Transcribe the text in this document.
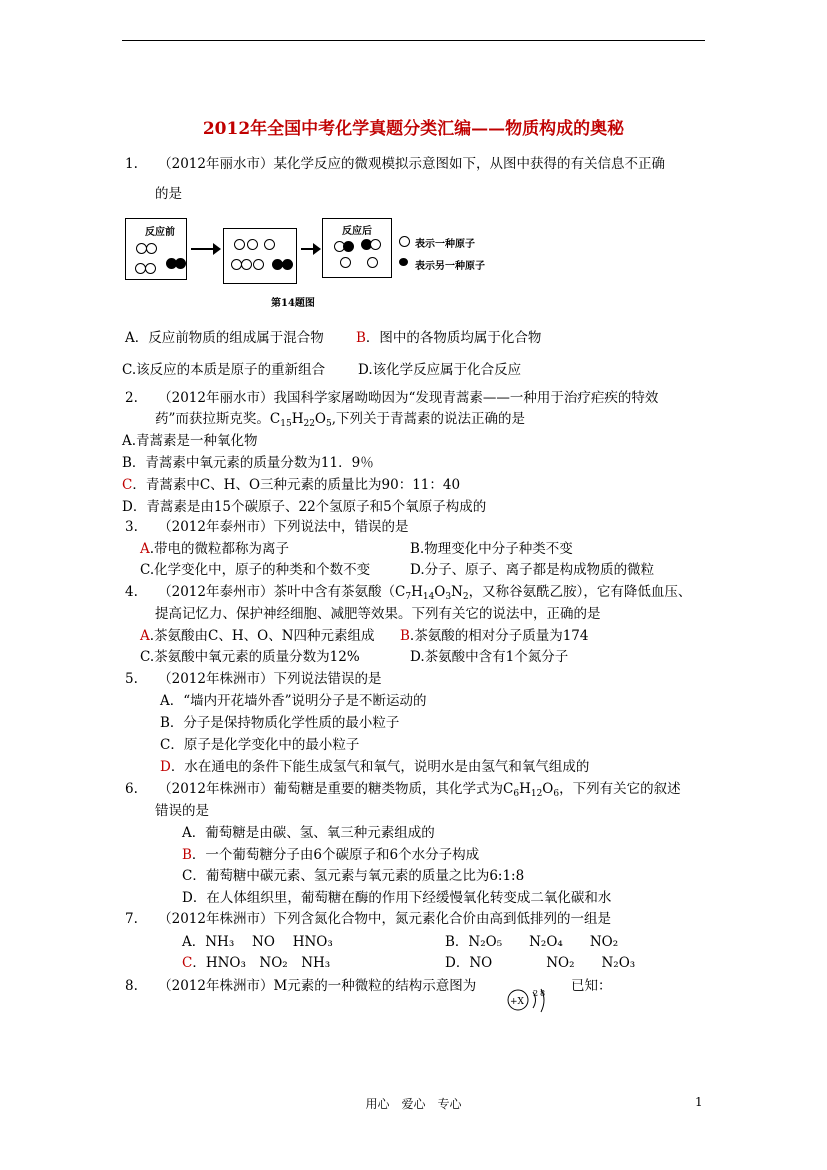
2012年全国中考化学真题分类汇编——物质构成的奥秘
1.　　（2012年丽水市）某化学反应的微观模拟示意图如下，从图中获得的有关信息不正确
的是
反应前	反应后
表示一种原子
表示另一种原子
第14题图
A．反应前物质的组成属于混合物 B．图中的各物质均属于化合物
C.该反应的本质是原子的重新组合 D.该化学反应属于化合反应
2.　　（2012年丽水市）我国科学家屠呦呦因为“发现青蒿素——一种用于治疗疟疾的特效
药”而获拉斯克奖。$C_{15}H_{22}O_5$,下列关于青蒿素的说法正确的是
A.青蒿素是一种氧化物
B．青蒿素中氧元素的质量分数为11．9％
C．青蒿素中C、H、O三种元素的质量比为90：11：40
D．青蒿素是由15个碳原子、22个氢原子和5个氧原子构成的
3.　　（2012年泰州市）下列说法中，错误的是
A.带电的微粒都称为离子	B.物理变化中分子种类不变
C.化学变化中，原子的种类和个数不变	D.分子、原子、离子都是构成物质的微粒
4.　　（2012年泰州市）茶叶中含有茶氨酸（$C_7H_{14}O_3N_2$，又称谷氨酰乙胺），它有降低血压、
提高记忆力、保护神经细胞、减肥等效果。下列有关它的说法中，正确的是
A.茶氨酸由C、H、O、N四种元素组成 B.茶氨酸的相对分子质量为174
C.茶氨酸中氧元素的质量分数为12%	D.茶氨酸中含有1个氮分子
5.　　（2012年株洲市）下列说法错误的是
A．“墙内开花墙外香”说明分子是不断运动的
B．分子是保持物质化学性质的最小粒子
C．原子是化学变化中的最小粒子
D．水在通电的条件下能生成氢气和氧气，说明水是由氢气和氧气组成的
6.　　（2012年株洲市）葡萄糖是重要的糖类物质，其化学式为$C_6H_{12}O_6$，下列有关它的叙述
错误的是
A．葡萄糖是由碳、氢、氧三种元素组成的
B．一个葡萄糖分子由6个碳原子和6个水分子构成
C．葡萄糖中碳元素、氢元素与氧元素的质量之比为6:1:8
D．在人体组织里，葡萄糖在酶的作用下经缓慢氧化转变成二氧化碳和水
7.　　（2012年株洲市）下列含氮化合物中，氮元素化合价由高到低排列的一组是
A．NH₃　 NO　 HNO₃	B．N₂O₅　　N₂O₄　　NO₂
C．HNO₃　NO₂　NH₃	D．NO　　　　NO₂　　N₂O₃
8.　　（2012年株洲市）M元素的一种微粒的结构示意图为
+X
2 8 已知：
用心　爱心　专心	1
